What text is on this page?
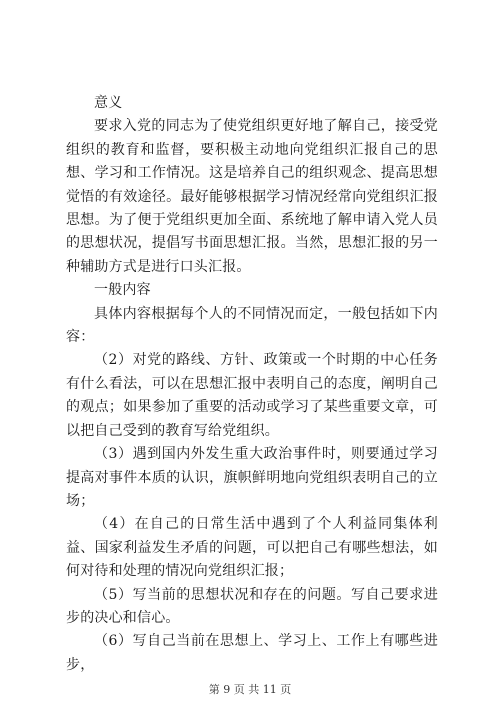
意义

要求入党的同志为了使党组织更好地了解自己，接受党组织的教育和监督，要积极主动地向党组织汇报自己的思想、学习和工作情况。这是培养自己的组织观念、提高思想觉悟的有效途径。最好能够根据学习情况经常向党组织汇报思想。为了便于党组织更加全面、系统地了解申请入党人员的思想状况，提倡写书面思想汇报。当然，思想汇报的另一种辅助方式是进行口头汇报。

一般内容

具体内容根据每个人的不同情况而定，一般包括如下内容：

（2）对党的路线、方针、政策或一个时期的中心任务有什么看法，可以在思想汇报中表明自己的态度，阐明自己的观点；如果参加了重要的活动或学习了某些重要文章，可以把自己受到的教育写给党组织。

（3）遇到国内外发生重大政治事件时，则要通过学习提高对事件本质的认识，旗帜鲜明地向党组织表明自己的立场；

（4）在自己的日常生活中遇到了个人利益同集体利益、国家利益发生矛盾的问题，可以把自己有哪些想法，如何对待和处理的情况向党组织汇报；

（5）写当前的思想状况和存在的问题。写自己要求进步的决心和信心。

（6）写自己当前在思想上、学习上、工作上有哪些进步，

第 9 页 共 11 页
